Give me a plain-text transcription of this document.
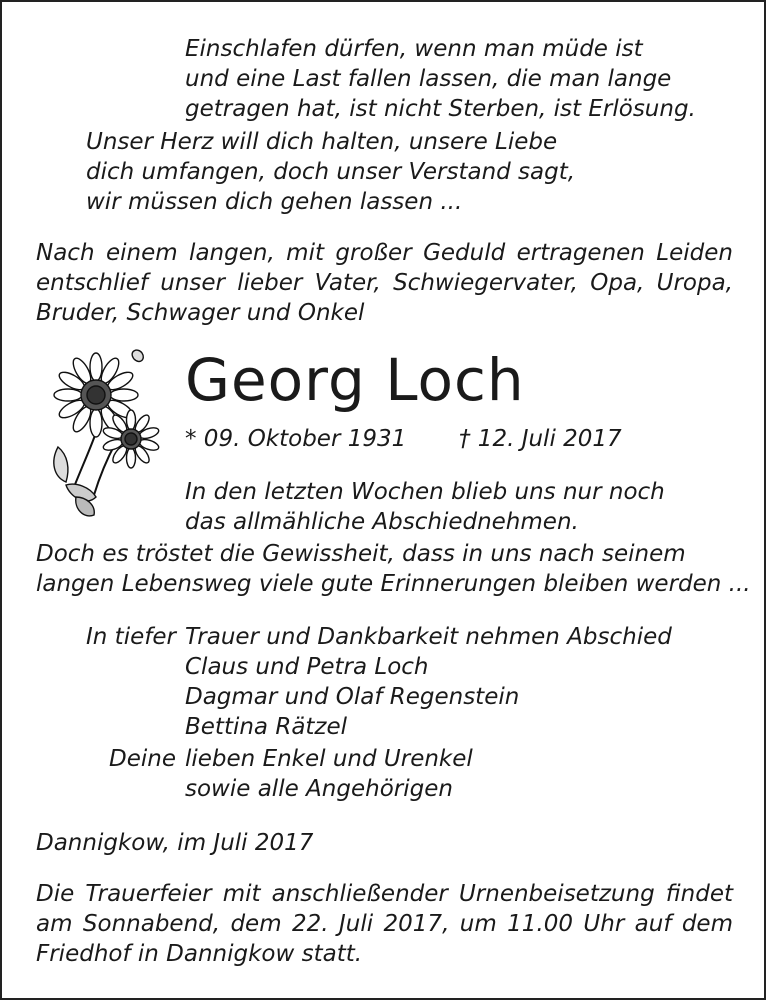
Einschlafen dürfen, wenn man müde ist

und eine Last fallen lassen, die man lange

getragen hat, ist nicht Sterben, ist Erlösung.

Unser Herz will dich halten, unsere Liebe

dich umfangen, doch unser Verstand sagt,

wir müssen dich gehen lassen ...

Nach einem langen, mit großer Geduld ertragenen Leiden
entschlief unser lieber Vater, Schwiegervater, Opa, Uropa,
Bruder, Schwager und Onkel

Georg Loch

* 09. Oktober 1931 † 12. Juli 2017

In den letzten Wochen blieb uns nur noch

das allmähliche Abschiednehmen.

Doch es tröstet die Gewissheit, dass in uns nach seinem

langen Lebensweg viele gute Erinnerungen bleiben werden ...

In tiefer Trauer und Dankbarkeit nehmen Abschied

Claus und Petra Loch

Dagmar und Olaf Regenstein

Bettina Rätzel

Deine lieben Enkel und Urenkel

sowie alle Angehörigen

Dannigkow, im Juli 2017

Die Trauerfeier mit anschließender Urnenbeisetzung findet
am Sonnabend, dem 22. Juli 2017, um 11.00 Uhr auf dem
Friedhof in Dannigkow statt.
